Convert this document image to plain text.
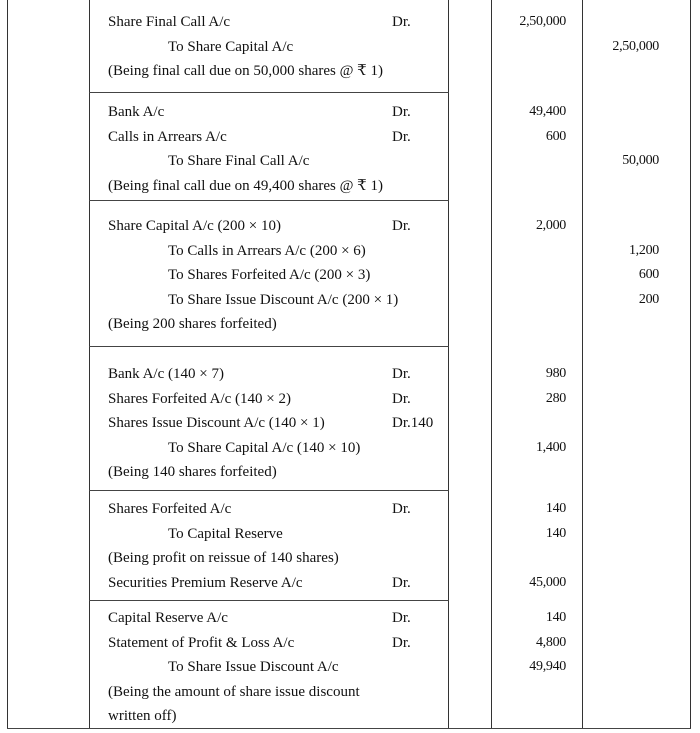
Share Final Call A/c	Dr.	2,50,000
To Share Capital A/c	2,50,000
(Being final call due on 50,000 shares @ ₹ 1)
Bank A/c	Dr.	49,400
Calls in Arrears A/c	Dr.	600
To Share Final Call A/c	50,000
(Being final call due on 49,400 shares @ ₹ 1)
Share Capital A/c (200 × 10)	Dr.	2,000
To Calls in Arrears A/c (200 × 6)	1,200
To Shares Forfeited A/c (200 × 3)	600
To Share Issue Discount A/c (200 × 1)	200
(Being 200 shares forfeited)
Bank A/c (140 × 7)	Dr.	980
Shares Forfeited A/c (140 × 2)	Dr.	280
Shares Issue Discount A/c (140 × 1)	Dr.140
To Share Capital A/c (140 × 10)	1,400
(Being 140 shares forfeited)
Shares Forfeited A/c	Dr.	140
To Capital Reserve	140
(Being profit on reissue of 140 shares)
Securities Premium Reserve A/c	Dr.	45,000
Capital Reserve A/c	Dr.	140
Statement of Profit & Loss A/c	Dr.	4,800
To Share Issue Discount A/c	49,940
(Being the amount of share issue discount
written off)
